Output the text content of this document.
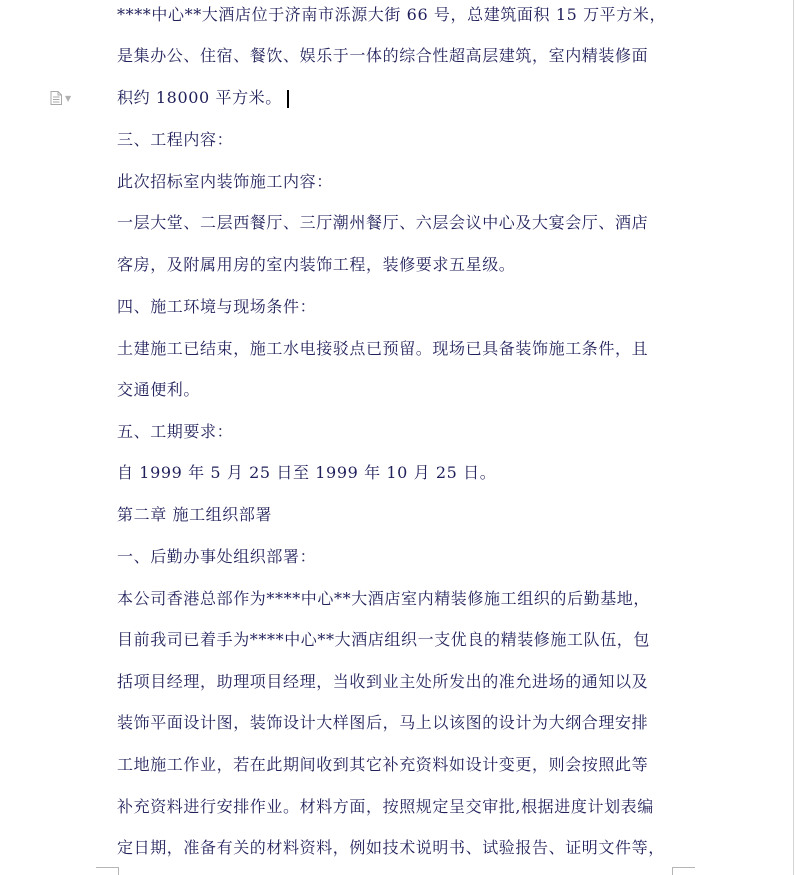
▼
****中心**大酒店位于济南市泺源大街 66 号，总建筑面积 15 万平方米，
是集办公、住宿、餐饮、娱乐于一体的综合性超高层建筑，室内精装修面
积约 18000 平方米。
三、工程内容：
此次招标室内装饰施工内容：
一层大堂、二层西餐厅、三厅潮州餐厅、六层会议中心及大宴会厅、酒店
客房，及附属用房的室内装饰工程，装修要求五星级。
四、施工环境与现场条件：
土建施工已结束，施工水电接驳点已预留。现场已具备装饰施工条件，且
交通便利。
五、工期要求：
自 1999 年 5 月 25 日至 1999 年 10 月 25 日。
第二章 施工组织部署
一、后勤办事处组织部署：
本公司香港总部作为****中心**大酒店室内精装修施工组织的后勤基地，
目前我司已着手为****中心**大酒店组织一支优良的精装修施工队伍，包
括项目经理，助理项目经理，当收到业主处所发出的准允进场的通知以及
装饰平面设计图，装饰设计大样图后，马上以该图的设计为大纲合理安排
工地施工作业，若在此期间收到其它补充资料如设计变更，则会按照此等
补充资料进行安排作业。材料方面，按照规定呈交审批,根据进度计划表编
定日期，准备有关的材料资料，例如技术说明书、试验报告、证明文件等，
